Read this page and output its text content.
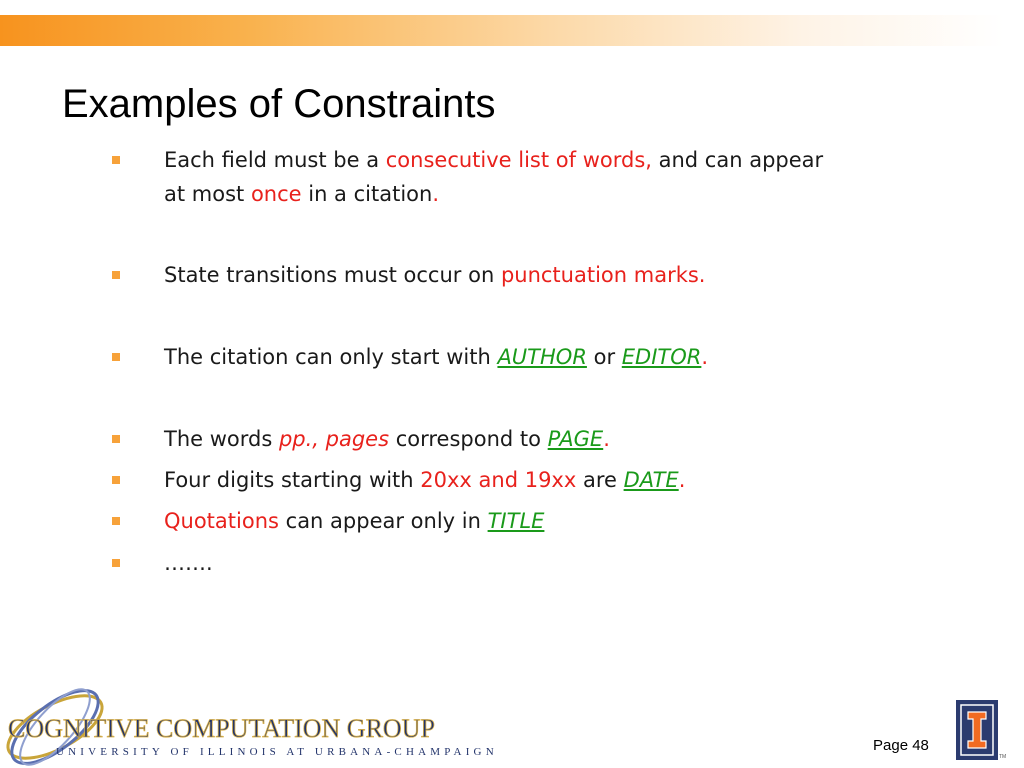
Examples of Constraints
Each field must be a consecutive list of words, and can appear
at most once in a citation.
State transitions must occur on punctuation marks.
The citation can only start with AUTHOR or EDITOR.
The words pp., pages correspond to PAGE.
Four digits starting with 20xx and 19xx are DATE.
Quotations can appear only in TITLE
…….
COGNITIVE COMPUTATION GROUP
UNIVERSITY OF ILLINOIS AT URBANA-CHAMPAIGN	Page 48
TM
